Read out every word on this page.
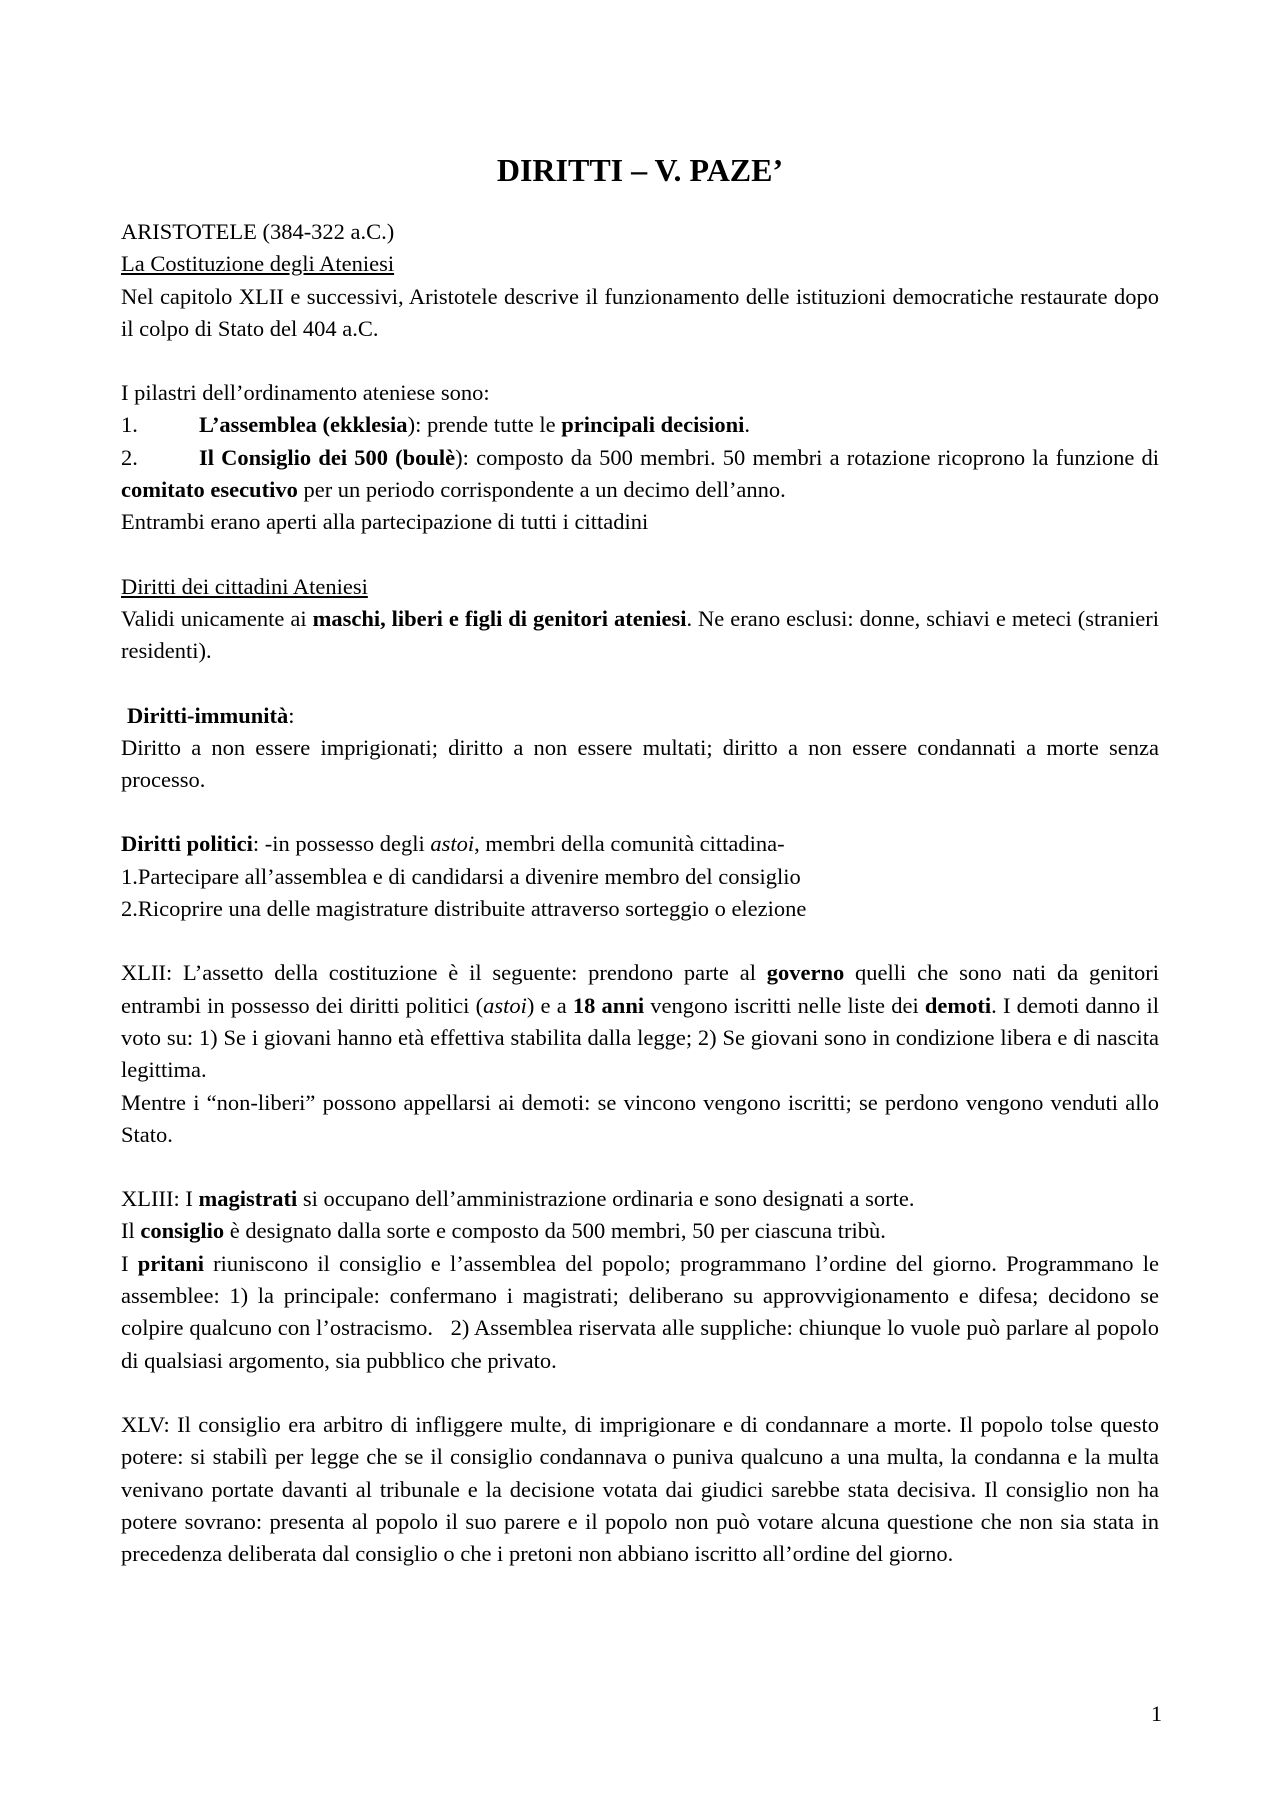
DIRITTI – V. PAZE’

ARISTOTELE (384-322 a.C.)

La Costituzione degli Ateniesi

Nel capitolo XLII e successivi, Aristotele descrive il funzionamento delle istituzioni democratiche restaurate dopo il colpo di Stato del 404 a.C.

I pilastri dell’ordinamento ateniese sono:

1.	L’assemblea (ekklesia): prende tutte le principali decisioni.

2.	Il Consiglio dei 500 (boulè): composto da 500 membri. 50 membri a rotazione ricoprono la funzione di comitato esecutivo per un periodo corrispondente a un decimo dell’anno.

Entrambi erano aperti alla partecipazione di tutti i cittadini

Diritti dei cittadini Ateniesi

Validi unicamente ai maschi, liberi e figli di genitori ateniesi. Ne erano esclusi: donne, schiavi e meteci (stranieri residenti).

Diritti-immunità:

Diritto a non essere imprigionati; diritto a non essere multati; diritto a non essere condannati a morte senza processo.

Diritti politici: -in possesso degli astoi, membri della comunità cittadina-

1.Partecipare all’assemblea e di candidarsi a divenire membro del consiglio

2.Ricoprire una delle magistrature distribuite attraverso sorteggio o elezione

XLII: L’assetto della costituzione è il seguente: prendono parte al governo quelli che sono nati da genitori entrambi in possesso dei diritti politici (astoi) e a 18 anni vengono iscritti nelle liste dei demoti. I demoti danno il voto su: 1) Se i giovani hanno età effettiva stabilita dalla legge; 2) Se giovani sono in condizione libera e di nascita legittima.

Mentre i “non-liberi” possono appellarsi ai demoti: se vincono vengono iscritti; se perdono vengono venduti allo Stato.

XLIII: I magistrati si occupano dell’amministrazione ordinaria e sono designati a sorte.

Il consiglio è designato dalla sorte e composto da 500 membri, 50 per ciascuna tribù.

I pritani riuniscono il consiglio e l’assemblea del popolo; programmano l’ordine del giorno. Programmano le assemblee: 1) la principale: confermano i magistrati; deliberano su approvvigionamento e difesa; decidono se colpire qualcuno con l’ostracismo.   2) Assemblea riservata alle suppliche: chiunque lo vuole può parlare al popolo di qualsiasi argomento, sia pubblico che privato.

XLV: Il consiglio era arbitro di infliggere multe, di imprigionare e di condannare a morte. Il popolo tolse questo potere: si stabilì per legge che se il consiglio condannava o puniva qualcuno a una multa, la condanna e la multa venivano portate davanti al tribunale e la decisione votata dai giudici sarebbe stata decisiva. Il consiglio non ha potere sovrano: presenta al popolo il suo parere e il popolo non può votare alcuna questione che non sia stata in precedenza deliberata dal consiglio o che i pretoni non abbiano iscritto all’ordine del giorno.

1
